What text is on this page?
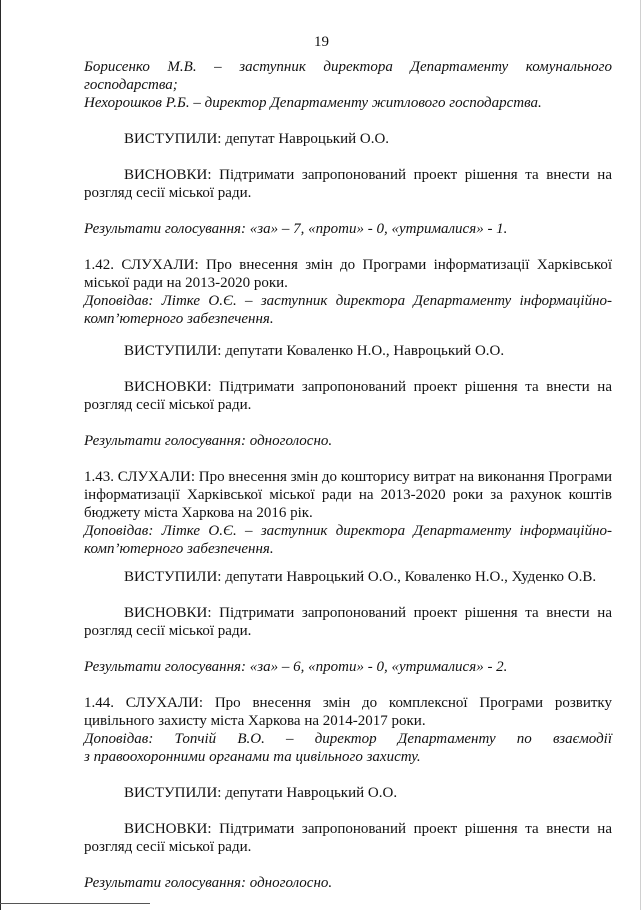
19
Борисенко М.В. – заступник директора Департаменту комунального господарства;
Нехорошков Р.Б. – директор Департаменту житлового господарства.
ВИСТУПИЛИ: депутат Навроцький О.О.
ВИСНОВКИ: Підтримати запропонований проект рішення та внести на розгляд сесії міської ради.
Результати голосування: «за» – 7, «проти» - 0, «утрималися» - 1.
1.42. СЛУХАЛИ: Про внесення змін до Програми інформатизації Харківської міської ради на 2013-2020 роки.
Доповідав: Літке О.Є. – заступник директора Департаменту інформаційно-комп’ютерного забезпечення.
ВИСТУПИЛИ: депутати Коваленко Н.О., Навроцький О.О.
ВИСНОВКИ: Підтримати запропонований проект рішення та внести на розгляд сесії міської ради.
Результати голосування: одноголосно.
1.43. СЛУХАЛИ: Про внесення змін до кошторису витрат на виконання Програми інформатизації Харківської міської ради на 2013-2020 роки за рахунок коштів бюджету міста Харкова на 2016 рік.
Доповідав: Літке О.Є. – заступник директора Департаменту інформаційно-комп’ютерного забезпечення.
ВИСТУПИЛИ: депутати Навроцький О.О., Коваленко Н.О., Худенко О.В.
ВИСНОВКИ: Підтримати запропонований проект рішення та внести на розгляд сесії міської ради.
Результати голосування: «за» – 6, «проти» - 0, «утрималися» - 2.
1.44. СЛУХАЛИ: Про внесення змін до комплексної Програми розвитку цивільного захисту міста Харкова на 2014-2017 роки.
Доповідав: Топчій В.О. – директор Департаменту по взаємодії
з правоохоронними органами та цивільного захисту.
ВИСТУПИЛИ: депутати Навроцький О.О.
ВИСНОВКИ: Підтримати запропонований проект рішення та внести на розгляд сесії міської ради.
Результати голосування: одноголосно.
